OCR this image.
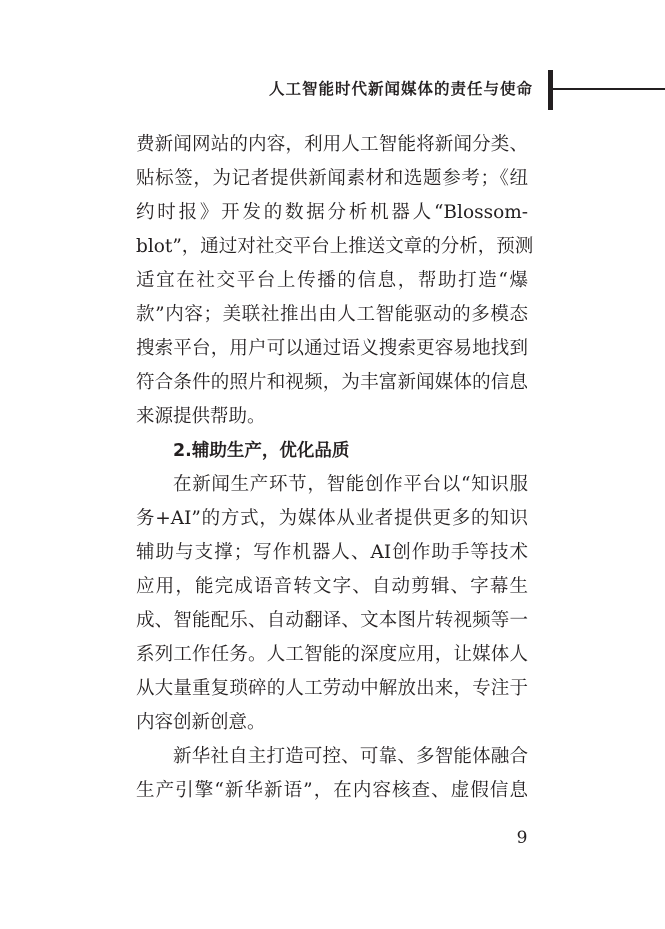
人工智能时代新闻媒体的责任与使命

费新闻网站的内容，利用人工智能将新闻分类、
贴标签，为记者提供新闻素材和选题参考；《纽
约时报》开发的数据分析机器人“Blossom-
blot”，通过对社交平台上推送文章的分析，预测
适宜在社交平台上传播的信息，帮助打造“爆
款”内容；美联社推出由人工智能驱动的多模态
搜索平台，用户可以通过语义搜索更容易地找到
符合条件的照片和视频，为丰富新闻媒体的信息
来源提供帮助。

2.辅助生产，优化品质

在新闻生产环节，智能创作平台以“知识服
务+AI”的方式，为媒体从业者提供更多的知识
辅助与支撑；写作机器人、AI创作助手等技术
应用，能完成语音转文字、自动剪辑、字幕生
成、智能配乐、自动翻译、文本图片转视频等一
系列工作任务。人工智能的深度应用，让媒体人
从大量重复琐碎的人工劳动中解放出来，专注于
内容创新创意。

新华社自主打造可控、可靠、多智能体融合
生产引擎“新华新语”，在内容核查、虚假信息

9
